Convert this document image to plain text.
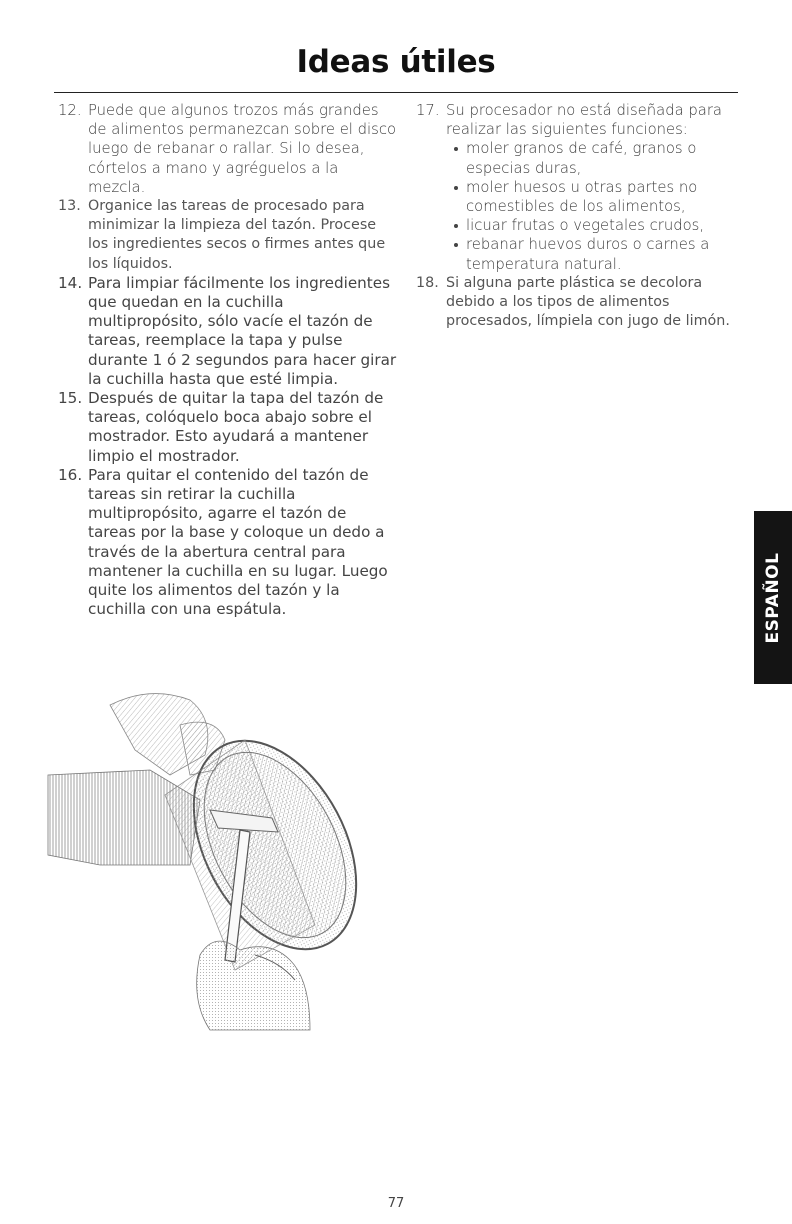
Ideas útiles
12. Puede que algunos trozos más grandes de alimentos permanezcan sobre el disco luego de rebanar o rallar. Si lo desea, córtelos a mano y agréguelos a la mezcla.
13. Organice las tareas de procesado para minimizar la limpieza del tazón. Procese los ingredientes secos o firmes antes que los líquidos.
14. Para limpiar fácilmente los ingredientes que quedan en la cuchilla multipropósito, sólo vacíe el tazón de tareas, reemplace la tapa y pulse durante 1 ó 2 segundos para hacer girar la cuchilla hasta que esté limpia.
15. Después de quitar la tapa del tazón de tareas, colóquelo boca abajo sobre el mostrador. Esto ayudará a mantener limpio el mostrador.
16. Para quitar el contenido del tazón de tareas sin retirar la cuchilla multipropósito, agarre el tazón de tareas por la base y coloque un dedo a través de la abertura central para mantener la cuchilla en su lugar. Luego quite los alimentos del tazón y la cuchilla con una espátula.
17. Su procesador no está diseñada para realizar las siguientes funciones:
moler granos de café, granos o especias duras,
moler huesos u otras partes no comestibles de los alimentos,
licuar frutas o vegetales crudos,
rebanar huevos duros o carnes a temperatura natural.
18. Si alguna parte plástica se decolora debido a los tipos de alimentos procesados, límpiela con jugo de limón.
ESPAÑOL
77
